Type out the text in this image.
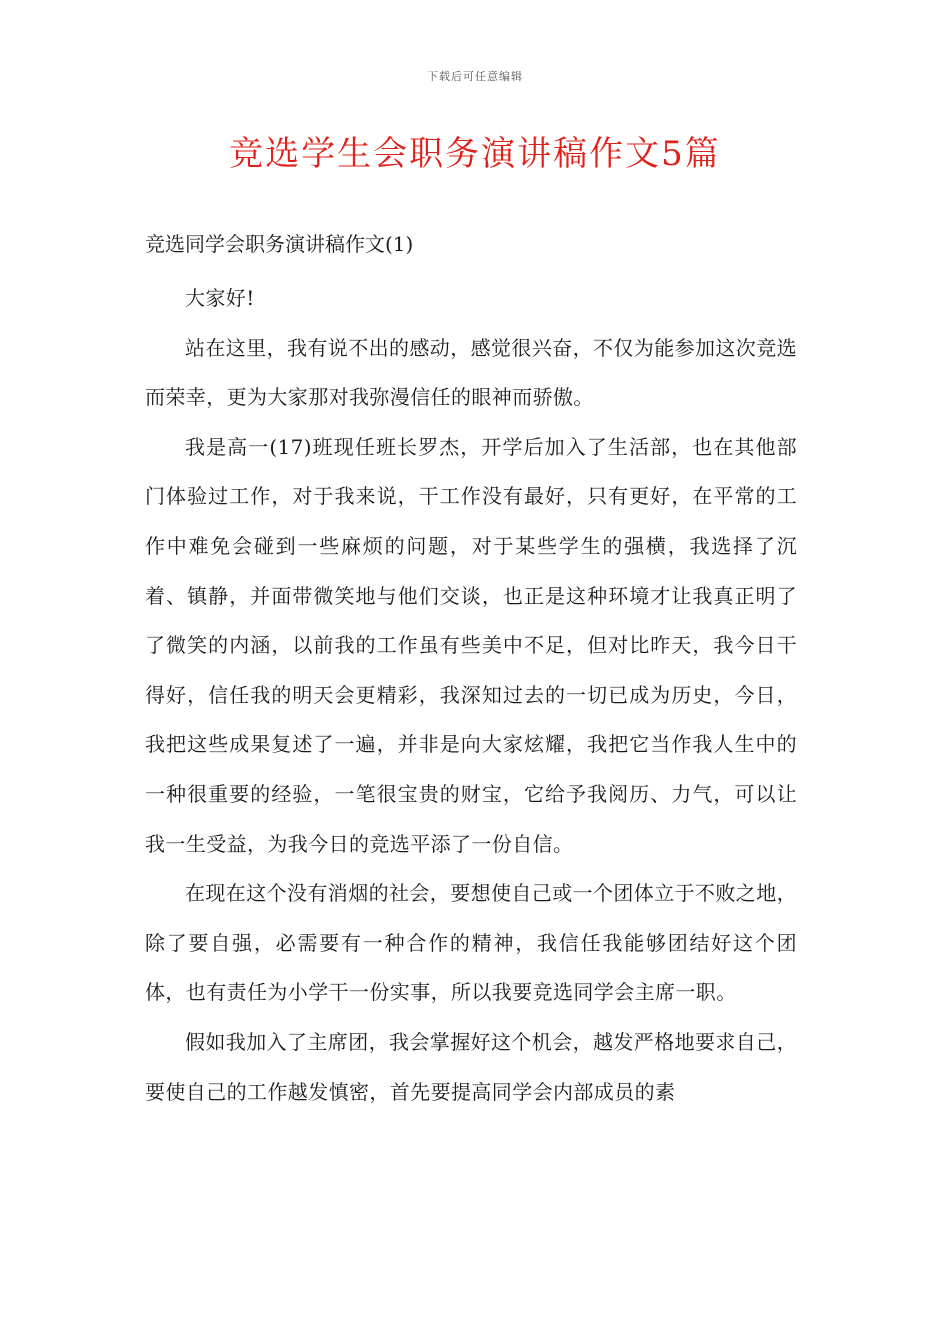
下载后可任意编辑
竞选学生会职务演讲稿作文5篇

竞选同学会职务演讲稿作文(1)

大家好!

站在这里，我有说不出的感动，感觉很兴奋，不仅为能参加这次竞选而荣幸，更为大家那对我弥漫信任的眼神而骄傲。

我是高一(17)班现任班长罗杰，开学后加入了生活部，也在其他部门体验过工作，对于我来说，干工作没有最好，只有更好，在平常的工作中难免会碰到一些麻烦的问题，对于某些学生的强横，我选择了沉着、镇静，并面带微笑地与他们交谈，也正是这种环境才让我真正明了了微笑的内涵，以前我的工作虽有些美中不足，但对比昨天，我今日干得好，信任我的明天会更精彩，我深知过去的一切已成为历史，今日，我把这些成果复述了一遍，并非是向大家炫耀，我把它当作我人生中的一种很重要的经验，一笔很宝贵的财宝，它给予我阅历、力气，可以让我一生受益，为我今日的竞选平添了一份自信。

在现在这个没有消烟的社会，要想使自己或一个团体立于不败之地，除了要自强，必需要有一种合作的精神，我信任我能够团结好这个团体，也有责任为小学干一份实事，所以我要竞选同学会主席一职。

假如我加入了主席团，我会掌握好这个机会，越发严格地要求自己，要使自己的工作越发慎密，首先要提高同学会内部成员的素
